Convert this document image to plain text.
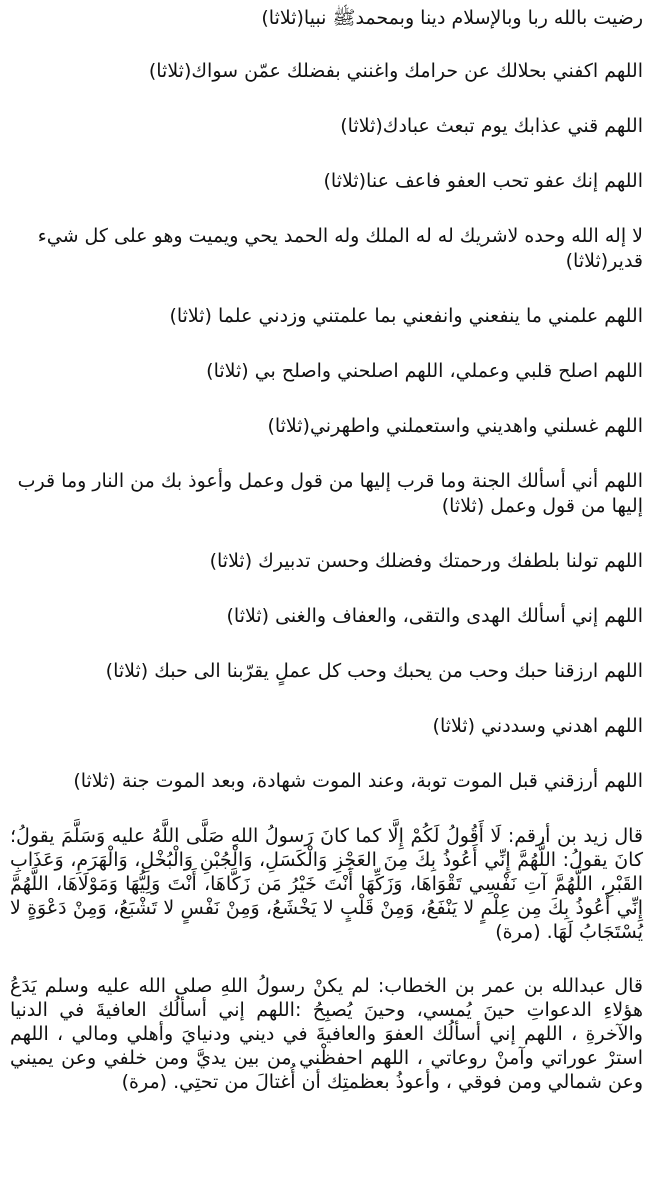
رضيت بالله ربا وبالإسلام دينا وبمحمدﷺ نبيا(ثلاثا)

اللهم اكفني بحلالك عن حرامك واغنني بفضلك عمّن سواك(ثلاثا)

اللهم قني عذابك يوم تبعث عبادك(ثلاثا)

اللهم إنك عفو تحب العفو فاعف عنا(ثلاثا)

لا إله الله وحده لاشريك له له الملك وله الحمد يحي ويميت وهو على كل شيء قدير(ثلاثا)

اللهم علمني ما ينفعني وانفعني بما علمتني وزدني علما (ثلاثا)

اللهم اصلح قلبي وعملي، اللهم اصلحني واصلح بي (ثلاثا)

اللهم غسلني واهديني واستعملني واطهرني(ثلاثا)

اللهم أني أسألك الجنة وما قرب إليها من قول وعمل وأعوذ بك من النار وما قرب إليها من قول وعمل (ثلاثا)

اللهم تولنا بلطفك ورحمتك وفضلك وحسن تدبيرك (ثلاثا)

اللهم إني أسألك الهدى والتقى، والعفاف والغنى (ثلاثا)

اللهم ارزقنا حبك وحب من يحبك وحب كل عملٍ يقرّبنا الى حبك (ثلاثا)

اللهم اهدني وسددني (ثلاثا)

اللهم أرزقني قبل الموت توبة، وعند الموت شهادة، وبعد الموت جنة (ثلاثا)

قال زيد بن أرقم: لَا أَقُولُ لَكُمْ إِلَّا كما كانَ رَسولُ اللهِ صَلَّى اللَّهُ عليه وَسَلَّمَ يقولُ؛ كانَ يقولُ: اللَّهُمَّ إِنِّي أَعُوذُ بِكَ مِنَ العَجْزِ وَالْكَسَلِ، وَالْجُبْنِ وَالْبُخْلِ، وَالْهَرَمِ، وَعَذَابِ القَبْرِ، اللَّهُمَّ آتِ نَفْسِي تَقْوَاهَا، وَزَكِّهَا أَنْتَ خَيْرُ مَن زَكَّاهَا، أَنْتَ وَلِيُّهَا وَمَوْلَاهَا، اللَّهُمَّ إِنِّي أَعُوذُ بِكَ مِن عِلْمٍ لا يَنْفَعُ، وَمِنْ قَلْبٍ لا يَخْشَعُ، وَمِنْ نَفْسٍ لا تَشْبَعُ، وَمِنْ دَعْوَةٍ لا يُسْتَجَابُ لَهَا. (مرة)

قال عبدالله بن عمر بن الخطاب: لم يكنْ رسولُ اللهِ صلى الله عليه وسلم يَدَعُ هؤلاءِ الدعواتِ حينَ يُمسي، وحينَ يُصبِحُ :اللهم إني أسألُك العافيةَ في الدنيا والآخرةِ ، اللهم إني أسألُك العفوَ والعافيةَ في ديني ودنيايَ وأهلي ومالي ، اللهم استرْ عوراتي وآمنْ روعاتي ، اللهم احفظْني من بين يديَّ ومن خلفي وعن يميني وعن شمالي ومن فوقي ، وأعوذُ بعظمتِك أن أُغتالَ من تحتِي. (مرة)
